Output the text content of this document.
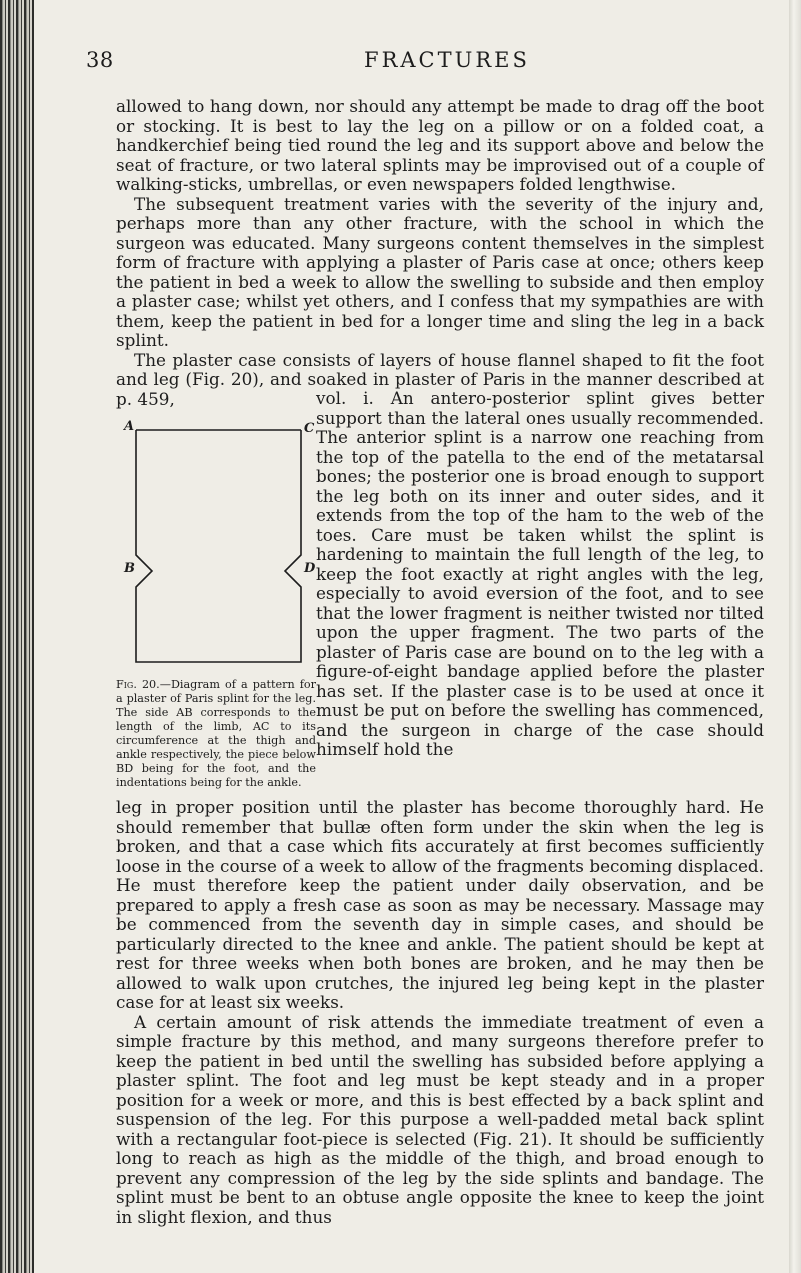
38	FRACTURES

allowed to hang down, nor should any attempt be made to drag off the boot or stocking. It is best to lay the leg on a pillow or on a folded coat, a handkerchief being tied round the leg and its support above and below the seat of fracture, or two lateral splints may be improvised out of a couple of walking-sticks, umbrellas, or even newspapers folded lengthwise.

The subsequent treatment varies with the severity of the injury and, perhaps more than any other fracture, with the school in which the surgeon was educated. Many surgeons content themselves in the simplest form of fracture with applying a plaster of Paris case at once; others keep the patient in bed a week to allow the swelling to subside and then employ a plaster case; whilst yet others, and I confess that my sympathies are with them, keep the patient in bed for a longer time and sling the leg in a back splint.

The plaster case consists of layers of house flannel shaped to fit the foot and leg (Fig. 20), and soaked in plaster of Paris in the manner described at p. 459,	vol. i. An antero-posterior splint gives better support than the lateral ones usually recommended. The anterior splint is a narrow one reaching from the top of the patella to the end of the metatarsal bones; the posterior one is broad enough to support the leg both on its inner and outer sides, and it extends from the top of the ham to the web of the toes. Care must be taken whilst the splint is hardening to maintain the full length of the leg, to keep the foot exactly at right angles with the leg, especially to avoid eversion of the foot, and to see that the lower fragment is neither twisted nor tilted upon the upper fragment. The two parts of the plaster of Paris case are bound on to the leg with a figure-of-eight bandage applied before the plaster has set. If the plaster case is to be used at once it must be put on before the swelling has commenced, and the surgeon in charge of the case should himself hold the

A	C
B	D

Fig. 20.—Diagram of a pattern for a plaster of Paris splint for the leg. The side AB corresponds to the length of the limb, AC to its circumference at the thigh and ankle respectively, the piece below BD being for the foot, and the indentations being for the ankle.

leg in proper position until the plaster has become thoroughly hard. He should remember that bullæ often form under the skin when the leg is broken, and that a case which fits accurately at first becomes sufficiently loose in the course of a week to allow of the fragments becoming displaced. He must therefore keep the patient under daily observation, and be prepared to apply a fresh case as soon as may be necessary. Massage may be commenced from the seventh day in simple cases, and should be particularly directed to the knee and ankle. The patient should be kept at rest for three weeks when both bones are broken, and he may then be allowed to walk upon crutches, the injured leg being kept in the plaster case for at least six weeks.

A certain amount of risk attends the immediate treatment of even a simple fracture by this method, and many surgeons therefore prefer to keep the patient in bed until the swelling has subsided before applying a plaster splint. The foot and leg must be kept steady and in a proper position for a week or more, and this is best effected by a back splint and suspension of the leg. For this purpose a well-padded metal back splint with a rectangular foot-piece is selected (Fig. 21). It should be sufficiently long to reach as high as the middle of the thigh, and broad enough to prevent any compression of the leg by the side splints and bandage. The splint must be bent to an obtuse angle opposite the knee to keep the joint in slight flexion, and thus
